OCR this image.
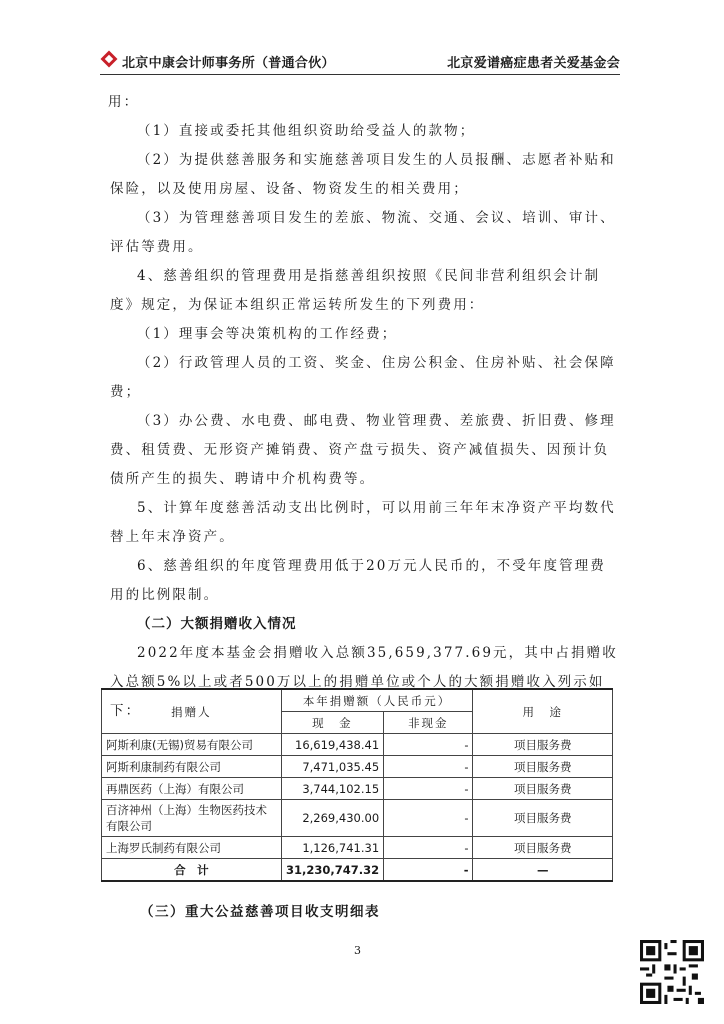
北京中康会计师事务所（普通合伙）	北京爱谱癌症患者关爱基金会

用：

（1）直接或委托其他组织资助给受益人的款物；

（2）为提供慈善服务和实施慈善项目发生的人员报酬、志愿者补贴和保险，以及使用房屋、设备、物资发生的相关费用；

（3）为管理慈善项目发生的差旅、物流、交通、会议、培训、审计、评估等费用。

4、慈善组织的管理费用是指慈善组织按照《民间非营利组织会计制度》规定，为保证本组织正常运转所发生的下列费用：

（1）理事会等决策机构的工作经费；

（2）行政管理人员的工资、奖金、住房公积金、住房补贴、社会保障费；

（3）办公费、水电费、邮电费、物业管理费、差旅费、折旧费、修理费、租赁费、无形资产摊销费、资产盘亏损失、资产减值损失、因预计负债所产生的损失、聘请中介机构费等。

5、计算年度慈善活动支出比例时，可以用前三年年末净资产平均数代替上年末净资产。

6、慈善组织的年度管理费用低于20万元人民币的，不受年度管理费用的比例限制。

（二）大额捐赠收入情况

2022年度本基金会捐赠收入总额35,659,377.69元，其中占捐赠收入总额5%以上或者500万以上的捐赠单位或个人的大额捐赠收入列示如下：	捐赠人	本年捐赠额（人民币元）		用　途
	现　金	非现金	
阿斯利康(无锡)贸易有限公司	16,619,438.41	-	项目服务费
阿斯利康制药有限公司	7,471,035.45	-	项目服务费
再鼎医药（上海）有限公司	3,744,102.15	-	项目服务费
百济神州（上海）生物医药技术有限公司	2,269,430.00	-	项目服务费
上海罗氏制药有限公司	1,126,741.31	-	项目服务费
合　计	31,230,747.32	-	—
（三）重大公益慈善项目收支明细表
3
